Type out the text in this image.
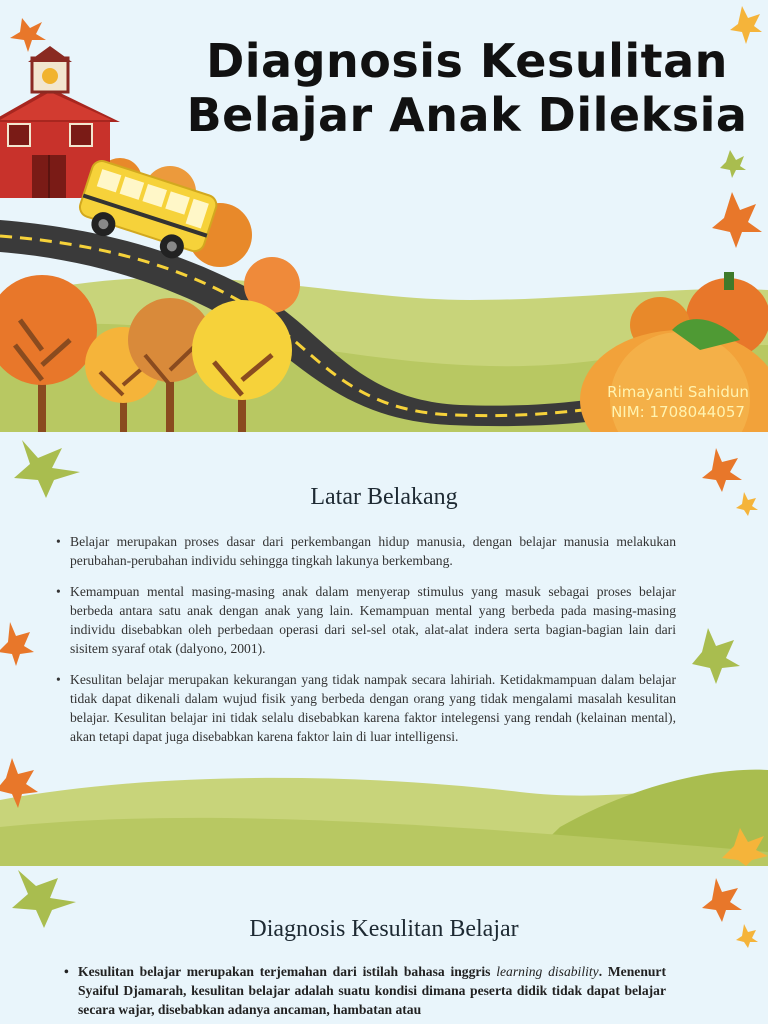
Diagnosis Kesulitan
Belajar Anak Dileksia
Rimayanti Sahidun
NIM: 1708044057
Latar Belakang
• Belajar merupakan proses dasar dari perkembangan hidup manusia, dengan belajar manusia melakukan perubahan-perubahan individu sehingga tingkah lakunya berkembang.
• Kemampuan mental masing-masing anak dalam menyerap stimulus yang masuk sebagai proses belajar berbeda antara satu anak dengan anak yang lain. Kemampuan mental yang berbeda pada masing-masing individu disebabkan oleh perbedaan operasi dari sel-sel otak, alat-alat indera serta bagian-bagian lain dari sisitem syaraf otak (dalyono, 2001).
• Kesulitan belajar merupakan kekurangan yang tidak nampak secara lahiriah. Ketidakmampuan dalam belajar tidak dapat dikenali dalam wujud fisik yang berbeda dengan orang yang tidak mengalami masalah kesulitan belajar. Kesulitan belajar ini tidak selalu disebabkan karena faktor intelegensi yang rendah (kelainan mental), akan tetapi dapat juga disebabkan karena faktor lain di luar intelligensi.
Diagnosis Kesulitan Belajar
• Kesulitan belajar merupakan terjemahan dari istilah bahasa inggris learning disability. Menenurt Syaiful Djamarah, kesulitan belajar adalah suatu kondisi dimana peserta didik tidak dapat belajar secara wajar, disebabkan adanya ancaman, hambatan atau
